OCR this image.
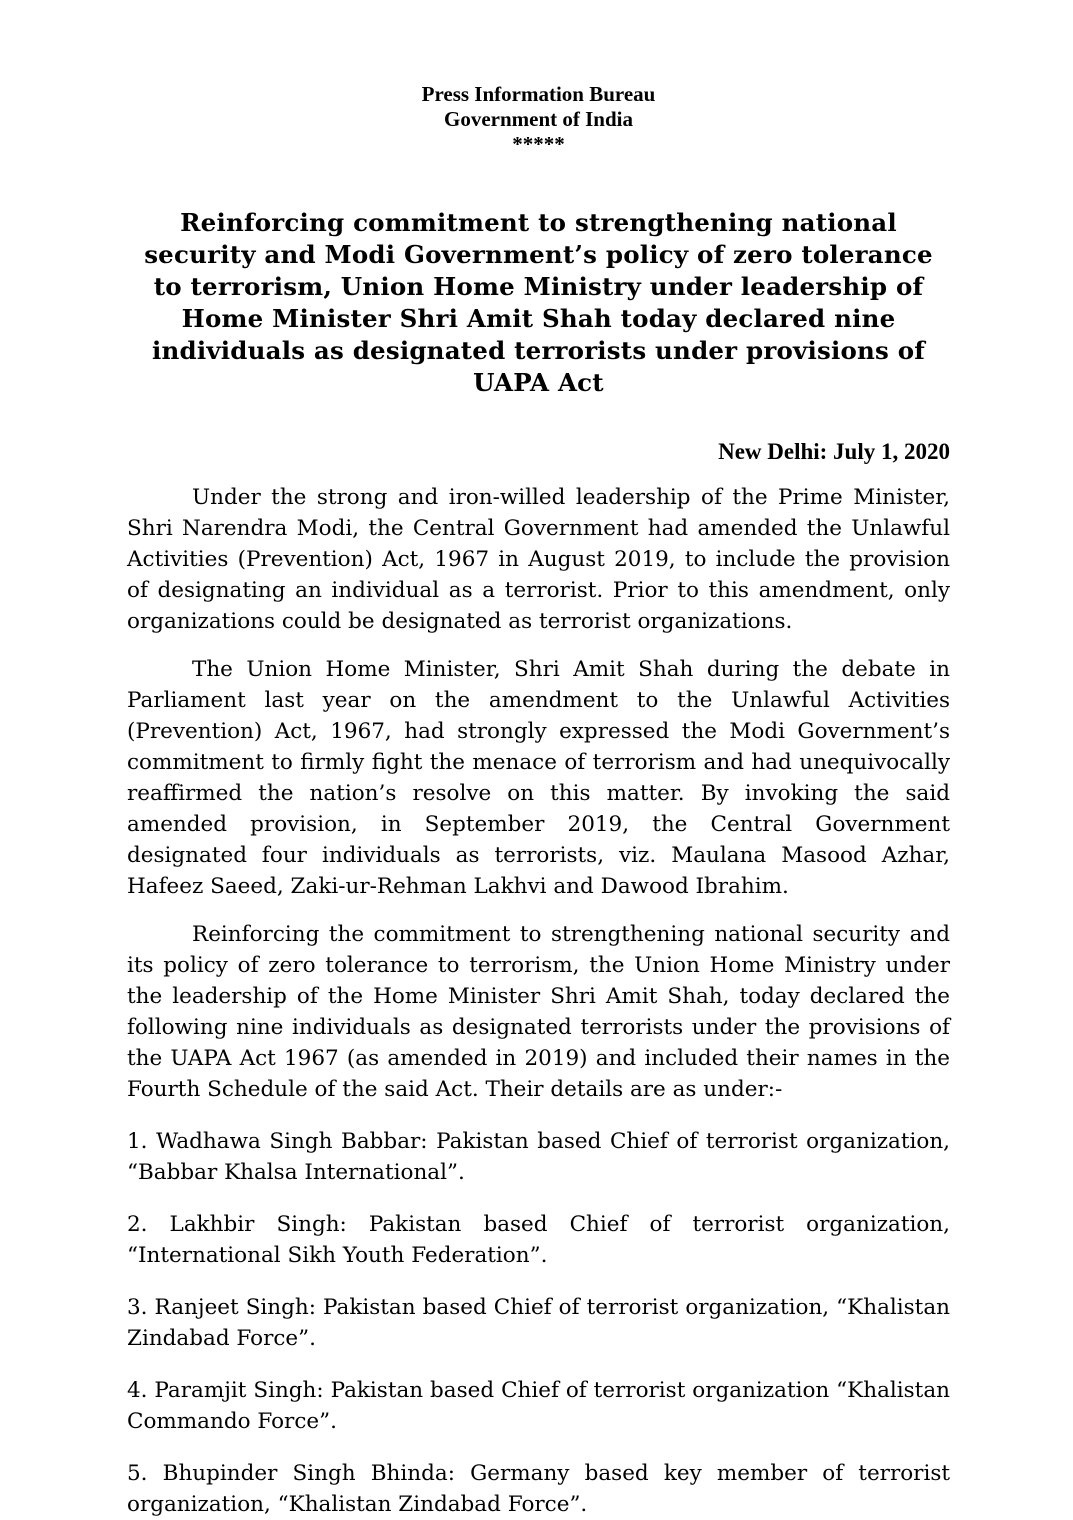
Press Information Bureau
Government of India
*****
Reinforcing commitment to strengthening national security and Modi Government’s policy of zero tolerance to terrorism, Union Home Ministry under leadership of Home Minister Shri Amit Shah today declared nine individuals as designated terrorists under provisions of UAPA Act
New Delhi: July 1, 2020

Under the strong and iron-willed leadership of the Prime Minister, Shri Narendra Modi, the Central Government had amended the Unlawful Activities (Prevention) Act, 1967 in August 2019, to include the provision of designating an individual as a terrorist. Prior to this amendment, only organizations could be designated as terrorist organizations.

The Union Home Minister, Shri Amit Shah during the debate in Parliament last year on the amendment to the Unlawful Activities (Prevention) Act, 1967, had strongly expressed the Modi Government’s commitment to firmly fight the menace of terrorism and had unequivocally reaffirmed the nation’s resolve on this matter. By invoking the said amended provision, in September 2019, the Central Government designated four individuals as terrorists, viz. Maulana Masood Azhar, Hafeez Saeed, Zaki-ur-Rehman Lakhvi and Dawood Ibrahim.

Reinforcing the commitment to strengthening national security and its policy of zero tolerance to terrorism, the Union Home Ministry under the leadership of the Home Minister Shri Amit Shah, today declared the following nine individuals as designated terrorists under the provisions of the UAPA Act 1967 (as amended in 2019) and included their names in the Fourth Schedule of the said Act. Their details are as under:-

1. Wadhawa Singh Babbar: Pakistan based Chief of terrorist organization, “Babbar Khalsa International”.

2. Lakhbir Singh: Pakistan based Chief of terrorist organization, “International Sikh Youth Federation”.

3. Ranjeet Singh: Pakistan based Chief of terrorist organization, “Khalistan Zindabad Force”.

4. Paramjit Singh: Pakistan based Chief of terrorist organization “Khalistan Commando Force”.

5. Bhupinder Singh Bhinda: Germany based key member of terrorist organization, “Khalistan Zindabad Force”.
